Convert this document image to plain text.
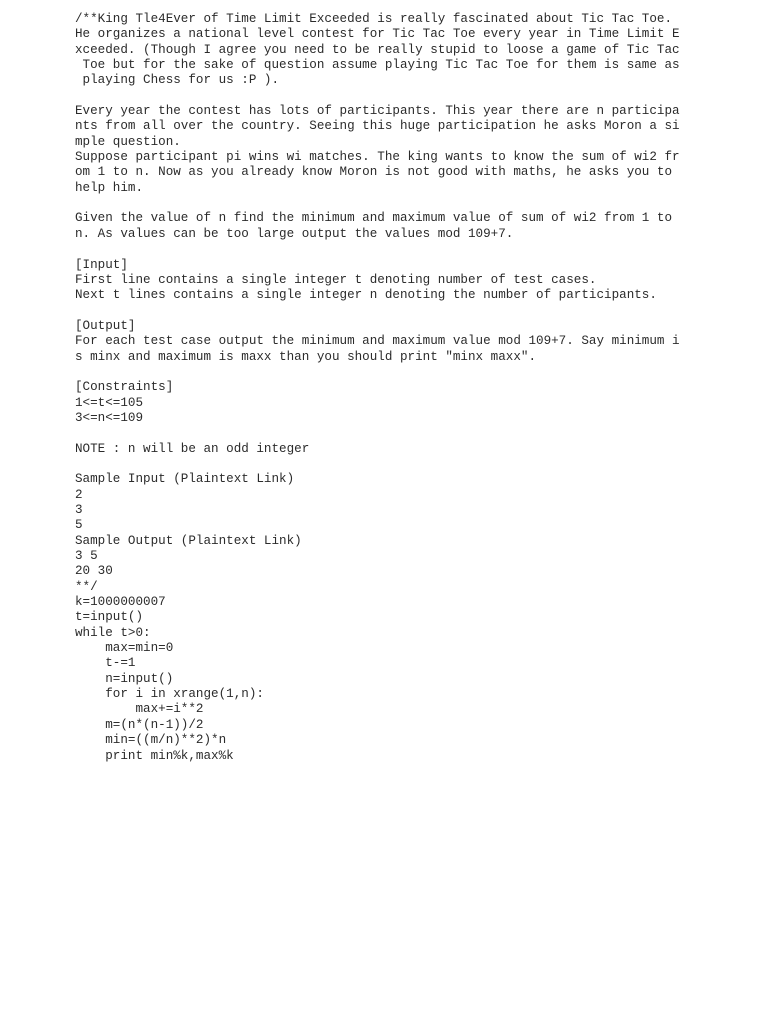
/**King Tle4Ever of Time Limit Exceeded is really fascinated about Tic Tac Toe.
He organizes a national level contest for Tic Tac Toe every year in Time Limit E
xceeded. (Though I agree you need to be really stupid to loose a game of Tic Tac
Toe but for the sake of question assume playing Tic Tac Toe for them is same as
playing Chess for us :P ).
Every year the contest has lots of participants. This year there are n participa
nts from all over the country. Seeing this huge participation he asks Moron a si
mple question.
Suppose participant pi wins wi matches. The king wants to know the sum of wi2 fr
om 1 to n. Now as you already know Moron is not good with maths, he asks you to
help him.
Given the value of n find the minimum and maximum value of sum of wi2 from 1 to
n. As values can be too large output the values mod 109+7.
[Input]
First line contains a single integer t denoting number of test cases.
Next t lines contains a single integer n denoting the number of participants.
[Output]
For each test case output the minimum and maximum value mod 109+7. Say minimum i
s minx and maximum is maxx than you should print "minx maxx".
[Constraints]
1<=t<=105
3<=n<=109
NOTE : n will be an odd integer
Sample Input (Plaintext Link)
2
3
5
Sample Output (Plaintext Link)
3 5
20 30
**/
k=1000000007
t=input()
while t>0:
max=min=0
t-=1
n=input()
for i in xrange(1,n):
max+=i**2
m=(n*(n-1))/2
min=((m/n)**2)*n
print min%k,max%k
